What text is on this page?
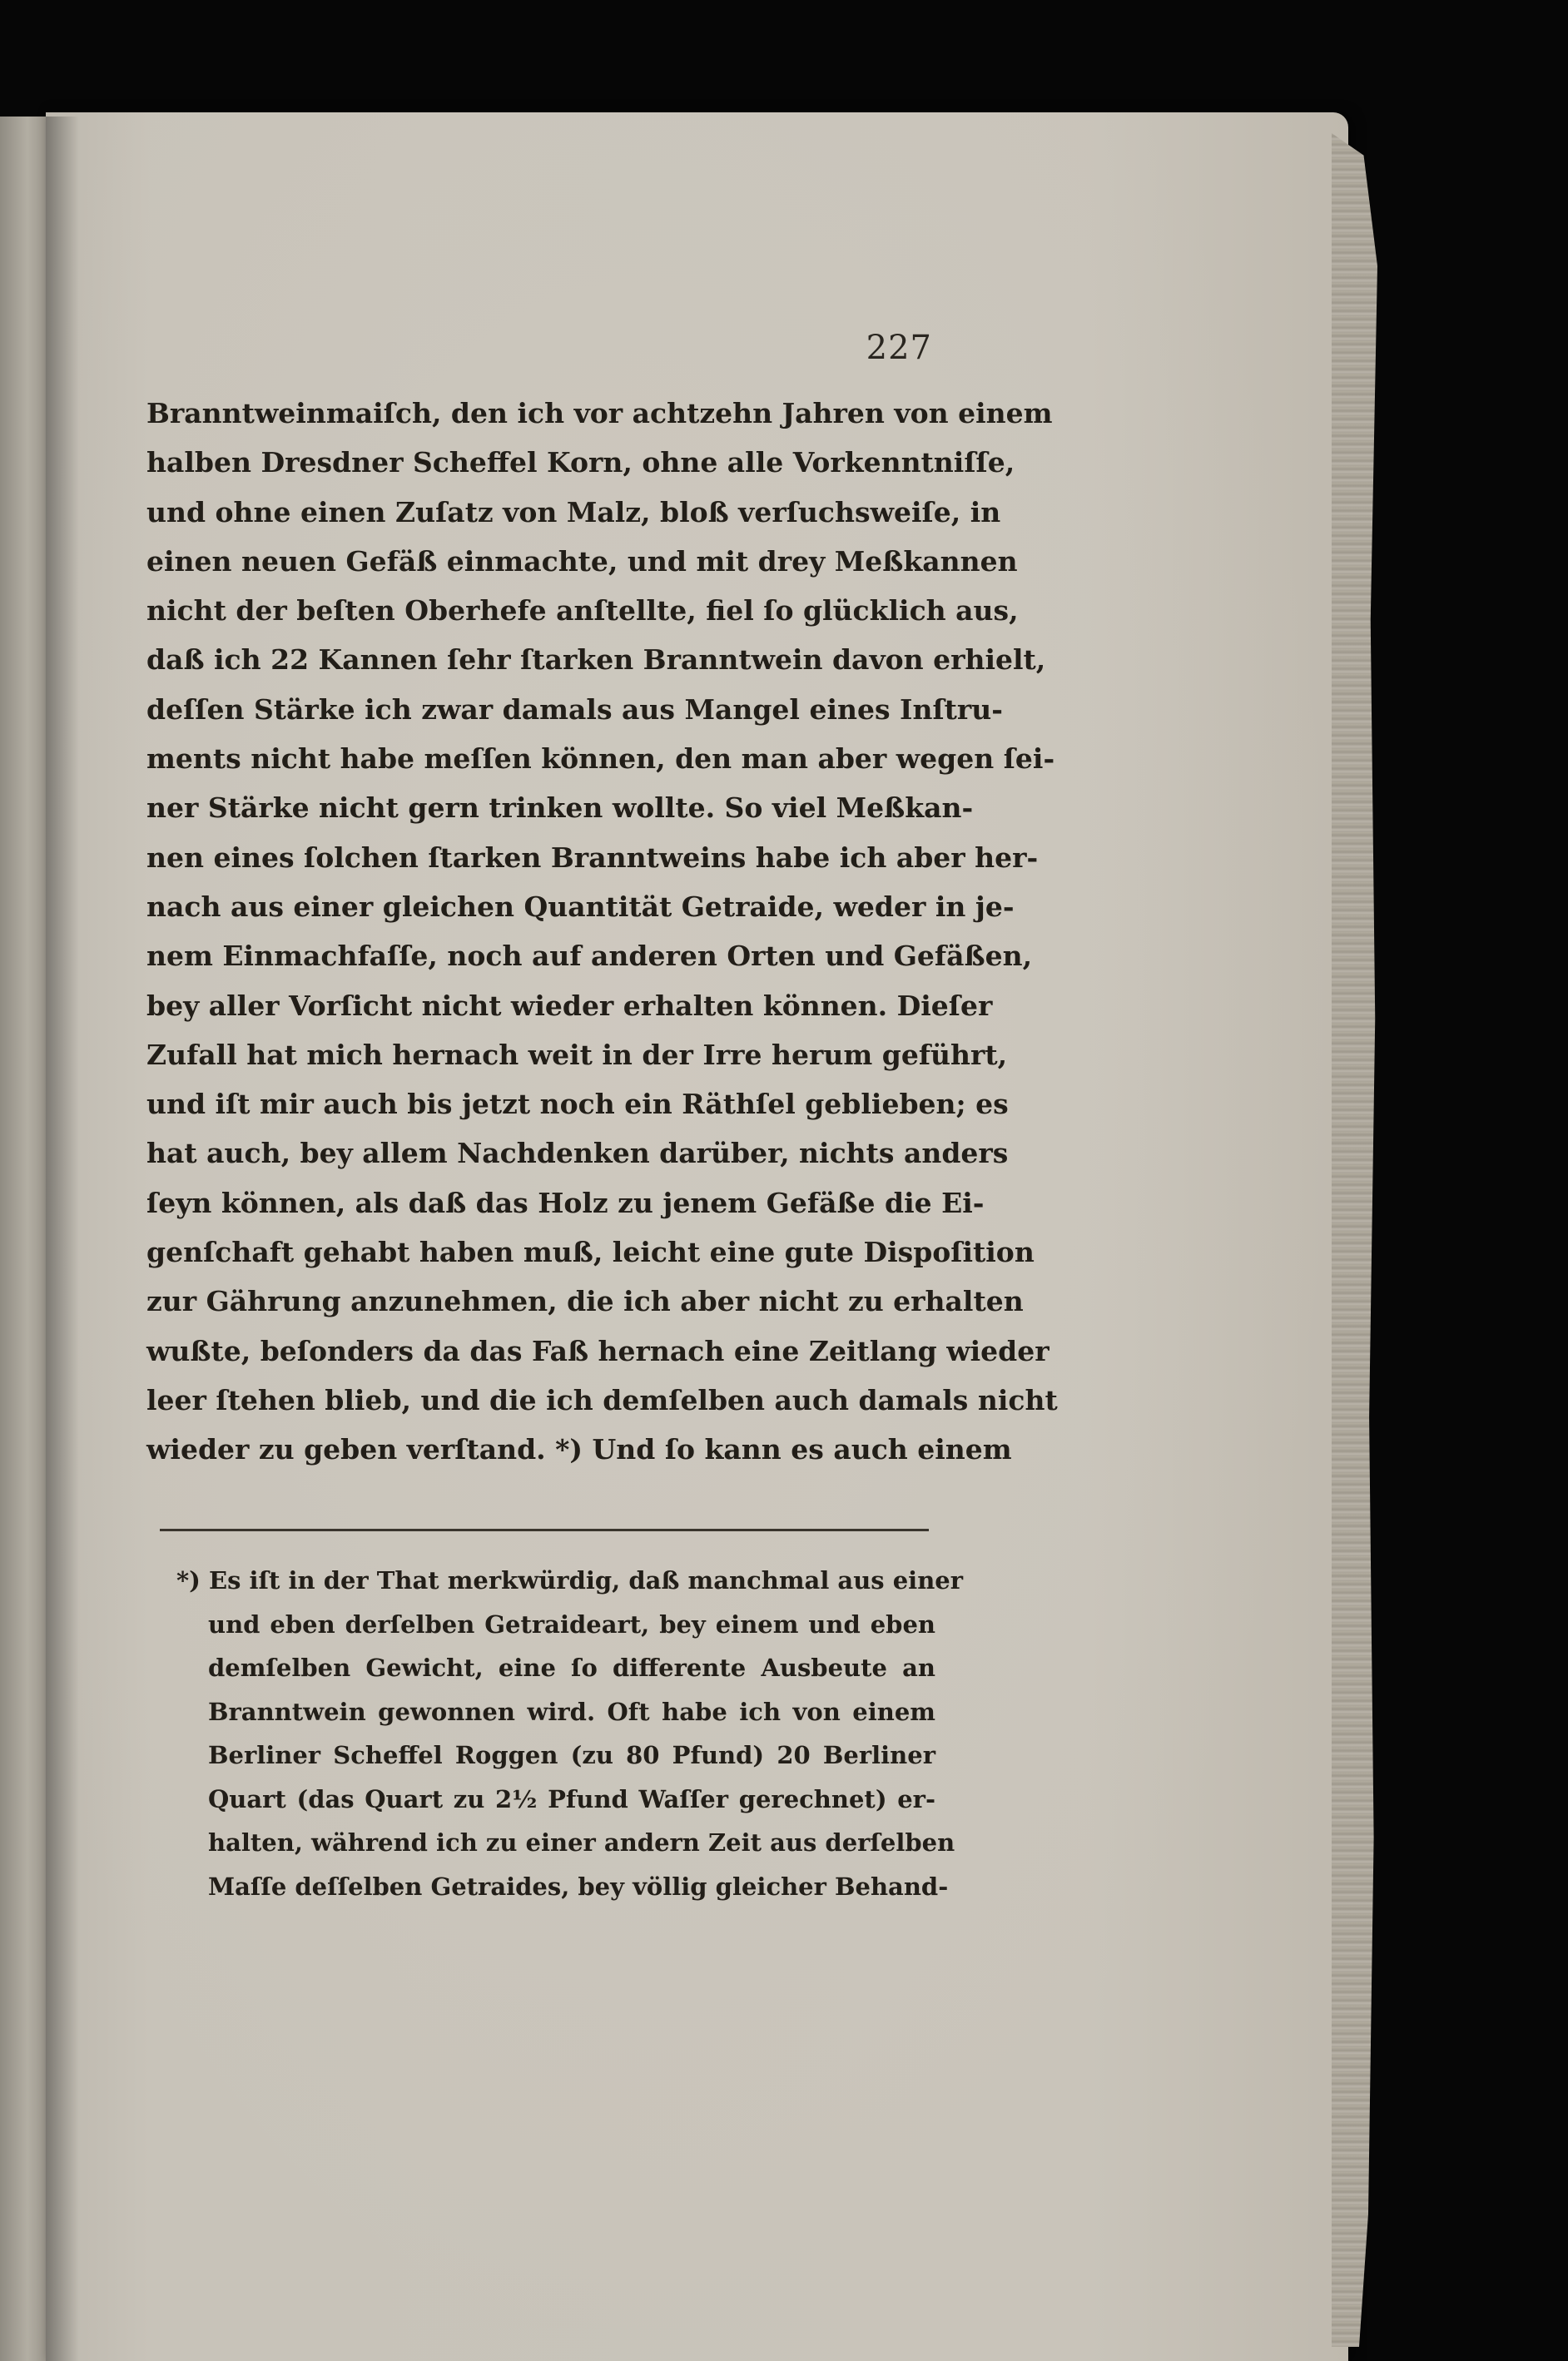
227
Branntweinmaiſch, den ich vor achtzehn Jahren von einem
halben Dresdner Scheffel Korn, ohne alle Vorkenntniſſe,
und ohne einen Zuſatz von Malz, bloß verſuchsweiſe, in
einen neuen Gefäß einmachte, und mit drey Meßkannen
nicht der beſten Oberhefe anſtellte, fiel ſo glücklich aus,
daß ich 22 Kannen ſehr ſtarken Branntwein davon erhielt,
deſſen Stärke ich zwar damals aus Mangel eines Inſtru-
ments nicht habe meſſen können, den man aber wegen ſei-
ner Stärke nicht gern trinken wollte. So viel Meßkan-
nen eines ſolchen ſtarken Branntweins habe ich aber her-
nach aus einer gleichen Quantität Getraide, weder in je-
nem Einmachfaſſe, noch auf anderen Orten und Gefäßen,
bey aller Vorſicht nicht wieder erhalten können. Dieſer
Zufall hat mich hernach weit in der Irre herum geführt,
und iſt mir auch bis jetzt noch ein Räthſel geblieben; es
hat auch, bey allem Nachdenken darüber, nichts anders
ſeyn können, als daß das Holz zu jenem Gefäße die Ei-
genſchaft gehabt haben muß, leicht eine gute Dispoſition
zur Gährung anzunehmen, die ich aber nicht zu erhalten
wußte, beſonders da das Faß hernach eine Zeitlang wieder
leer ſtehen blieb, und die ich demſelben auch damals nicht
wieder zu geben verſtand. *) Und ſo kann es auch einem
*) Es iſt in der That merkwürdig, daß manchmal aus einer
und eben derſelben Getraideart, bey einem und eben
demſelben Gewicht, eine ſo differente Ausbeute an
Branntwein gewonnen wird. Oft habe ich von einem
Berliner Scheffel Roggen (zu 80 Pfund) 20 Berliner
Quart (das Quart zu 2½ Pfund Waſſer gerechnet) er-
halten, während ich zu einer andern Zeit aus derſelben
Maſſe deſſelben Getraides, bey völlig gleicher Behand-
